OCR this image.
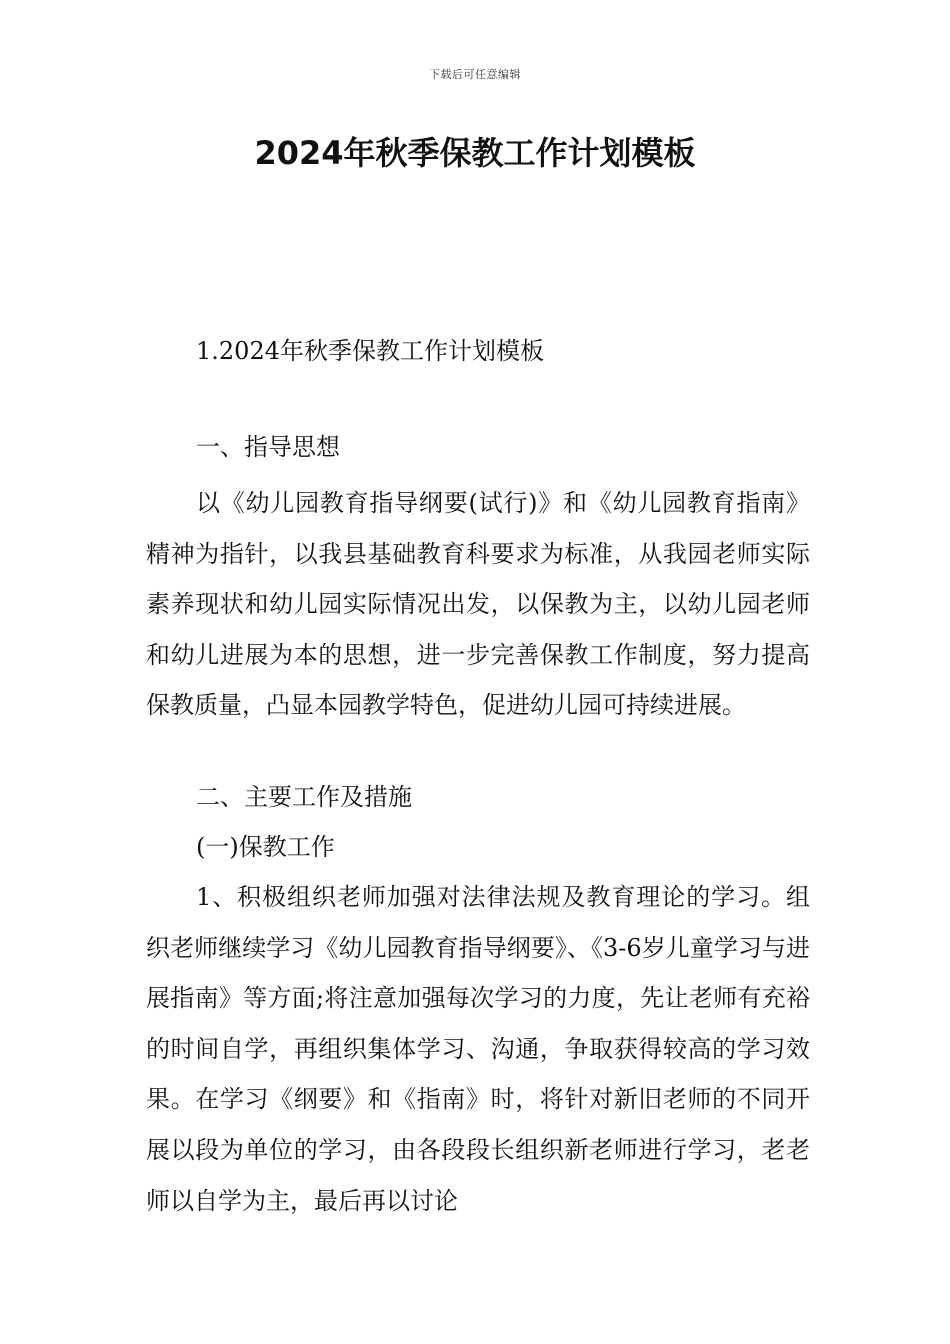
下载后可任意编辑
2024年秋季保教工作计划模板
1.2024年秋季保教工作计划模板
一、指导思想

以《幼儿园教育指导纲要(试行)》和《幼儿园教育指南》精神为指针，以我县基础教育科要求为标准，从我园老师实际素养现状和幼儿园实际情况出发，以保教为主，以幼儿园老师和幼儿进展为本的思想，进一步完善保教工作制度，努力提高保教质量，凸显本园教学特色，促进幼儿园可持续进展。

二、主要工作及措施
(一)保教工作

1、积极组织老师加强对法律法规及教育理论的学习。组织老师继续学习《幼儿园教育指导纲要》、《3-6岁儿童学习与进展指南》等方面;将注意加强每次学习的力度，先让老师有充裕的时间自学，再组织集体学习、沟通，争取获得较高的学习效果。在学习《纲要》和《指南》时，将针对新旧老师的不同开展以段为单位的学习，由各段段长组织新老师进行学习，老老师以自学为主，最后再以讨论
